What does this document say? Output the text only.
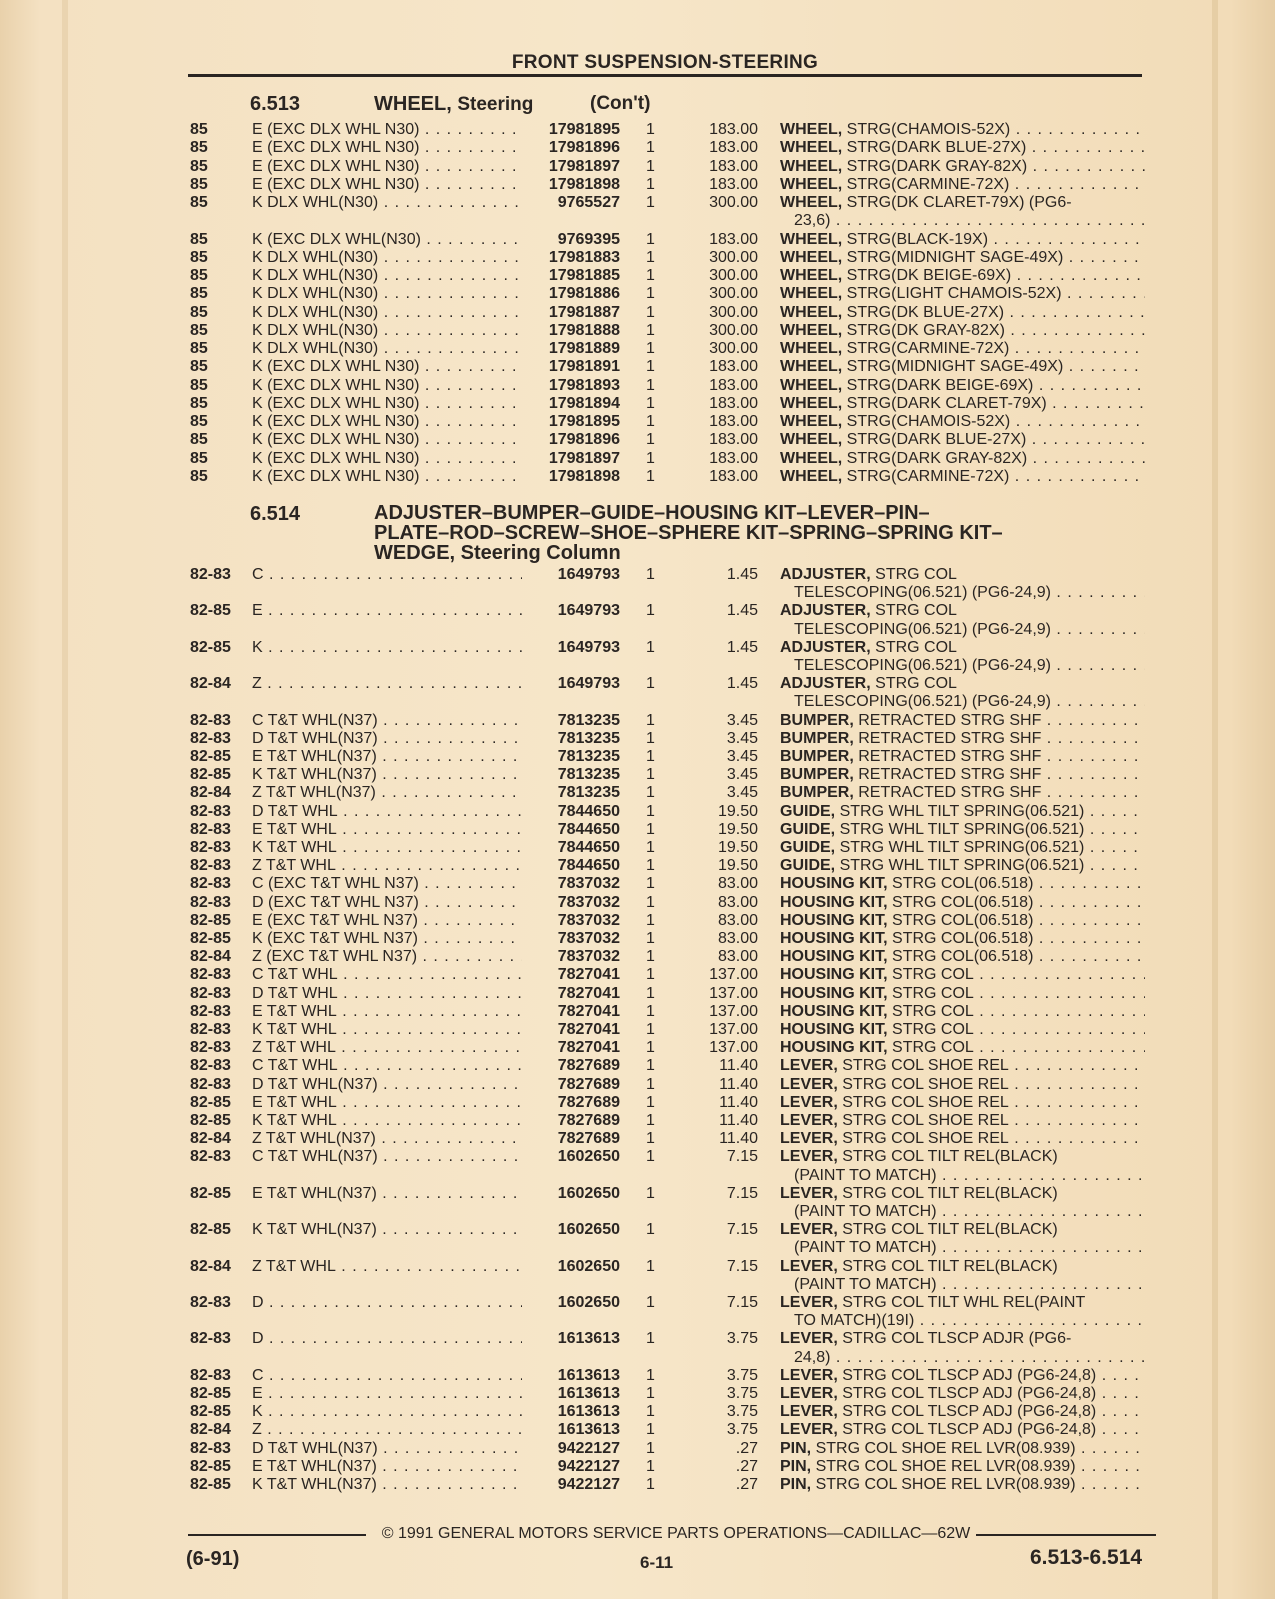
FRONT SUSPENSION-STEERING
6.513	WHEEL, Steering	(Con't)
85	E (EXC DLX WHL N30) . . .	17981895 1	183.00 WHEEL, STRG(CHAMOIS-52X) . . .
85	E (EXC DLX WHL N30) . . .	17981896 1	183.00 WHEEL, STRG(DARK BLUE-27X) . . .
85	E (EXC DLX WHL N30) . . .	17981897 1	183.00 WHEEL, STRG(DARK GRAY-82X) . . .
85	E (EXC DLX WHL N30) . . .	17981898 1	183.00 WHEEL, STRG(CARMINE-72X) . . .
85	K DLX WHL(N30) . . .	9765527 1	300.00 WHEEL, STRG(DK CLARET-79X) (PG6-
23,6) . . .
85	K (EXC DLX WHL(N30) . . .	9769395 1	183.00 WHEEL, STRG(BLACK-19X) . . .
85	K DLX WHL(N30) . . .	17981883 1	300.00 WHEEL, STRG(MIDNIGHT SAGE-49X) . . .
85	K DLX WHL(N30) . . .	17981885 1	300.00 WHEEL, STRG(DK BEIGE-69X) . . .
85	K DLX WHL(N30) . . .	17981886 1	300.00 WHEEL, STRG(LIGHT CHAMOIS-52X) . . .
85	K DLX WHL(N30) . . .	17981887 1	300.00 WHEEL, STRG(DK BLUE-27X) . . .
85	K DLX WHL(N30) . . .	17981888 1	300.00 WHEEL, STRG(DK GRAY-82X) . . .
85	K DLX WHL(N30) . . .	17981889 1	300.00 WHEEL, STRG(CARMINE-72X) . . .
85	K (EXC DLX WHL N30) . . .	17981891 1	183.00 WHEEL, STRG(MIDNIGHT SAGE-49X) . . .
85	K (EXC DLX WHL N30) . . .	17981893 1	183.00 WHEEL, STRG(DARK BEIGE-69X) . . .
85	K (EXC DLX WHL N30) . . .	17981894 1	183.00 WHEEL, STRG(DARK CLARET-79X) . . .
85	K (EXC DLX WHL N30) . . .	17981895 1	183.00 WHEEL, STRG(CHAMOIS-52X) . . .
85	K (EXC DLX WHL N30) . . .	17981896 1	183.00 WHEEL, STRG(DARK BLUE-27X) . . .
85	K (EXC DLX WHL N30) . . .	17981897 1	183.00 WHEEL, STRG(DARK GRAY-82X) . . .
85	K (EXC DLX WHL N30) . . .	17981898 1	183.00 WHEEL, STRG(CARMINE-72X) . . .
6.514	ADJUSTER–BUMPER–GUIDE–HOUSING KIT–LEVER–PIN–
PLATE–ROD–SCREW–SHOE–SPHERE KIT–SPRING–SPRING KIT–
WEDGE, Steering Column
82-83 C . . .	1649793 1	1.45 ADJUSTER, STRG COL
TELESCOPING(06.521) (PG6-24,9) . . .
82-85 E . . .	1649793 1	1.45 ADJUSTER, STRG COL
TELESCOPING(06.521) (PG6-24,9) . . .
82-85 K . . .	1649793 1	1.45 ADJUSTER, STRG COL
TELESCOPING(06.521) (PG6-24,9) . . .
82-84 Z . . .	1649793 1	1.45 ADJUSTER, STRG COL
TELESCOPING(06.521) (PG6-24,9) . . .
82-83 C T&T WHL(N37) . . .	7813235 1	3.45 BUMPER, RETRACTED STRG SHF . . .
82-83 D T&T WHL(N37) . . .	7813235 1	3.45 BUMPER, RETRACTED STRG SHF . . .
82-85 E T&T WHL(N37) . . .	7813235 1	3.45 BUMPER, RETRACTED STRG SHF . . .
82-85 K T&T WHL(N37) . . .	7813235 1	3.45 BUMPER, RETRACTED STRG SHF . . .
82-84 Z T&T WHL(N37) . . .	7813235 1	3.45 BUMPER, RETRACTED STRG SHF . . .
82-83 D T&T WHL . . .	7844650 1	19.50 GUIDE, STRG WHL TILT SPRING(06.521) . . .
82-83 E T&T WHL . . .	7844650 1	19.50 GUIDE, STRG WHL TILT SPRING(06.521) . . .
82-83 K T&T WHL . . .	7844650 1	19.50 GUIDE, STRG WHL TILT SPRING(06.521) . . .
82-83 Z T&T WHL . . .	7844650 1	19.50 GUIDE, STRG WHL TILT SPRING(06.521) . . .
82-83 C (EXC T&T WHL N37) . . .	7837032 1	83.00 HOUSING KIT, STRG COL(06.518) . . .
82-83 D (EXC T&T WHL N37) . . .	7837032 1	83.00 HOUSING KIT, STRG COL(06.518) . . .
82-85 E (EXC T&T WHL N37) . . .	7837032 1	83.00 HOUSING KIT, STRG COL(06.518) . . .
82-85 K (EXC T&T WHL N37) . . .	7837032 1	83.00 HOUSING KIT, STRG COL(06.518) . . .
82-84 Z (EXC T&T WHL N37) . . .	7837032 1	83.00 HOUSING KIT, STRG COL(06.518) . . .
82-83 C T&T WHL . . .	7827041 1	137.00 HOUSING KIT, STRG COL . . .
82-83 D T&T WHL . . .	7827041 1	137.00 HOUSING KIT, STRG COL . . .
82-83 E T&T WHL . . .	7827041 1	137.00 HOUSING KIT, STRG COL . . .
82-83 K T&T WHL . . .	7827041 1	137.00 HOUSING KIT, STRG COL . . .
82-83 Z T&T WHL . . .	7827041 1	137.00 HOUSING KIT, STRG COL . . .
82-83 C T&T WHL . . .	7827689 1	11.40 LEVER, STRG COL SHOE REL . . .
82-83 D T&T WHL(N37) . . .	7827689 1	11.40 LEVER, STRG COL SHOE REL . . .
82-85 E T&T WHL . . .	7827689 1	11.40 LEVER, STRG COL SHOE REL . . .
82-85 K T&T WHL . . .	7827689 1	11.40 LEVER, STRG COL SHOE REL . . .
82-84 Z T&T WHL(N37) . . .	7827689 1	11.40 LEVER, STRG COL SHOE REL . . .
82-83 C T&T WHL(N37) . . .	1602650 1	7.15 LEVER, STRG COL TILT REL(BLACK)
(PAINT TO MATCH) . . .
82-85 E T&T WHL(N37) . . .	1602650 1	7.15 LEVER, STRG COL TILT REL(BLACK)
(PAINT TO MATCH) . . .
82-85 K T&T WHL(N37) . . .	1602650 1	7.15 LEVER, STRG COL TILT REL(BLACK)
(PAINT TO MATCH) . . .
82-84 Z T&T WHL . . .	1602650 1	7.15 LEVER, STRG COL TILT REL(BLACK)
(PAINT TO MATCH) . . .
82-83 D . . .	1602650 1	7.15 LEVER, STRG COL TILT WHL REL(PAINT
TO MATCH)(19I) . . .
82-83 D . . .	1613613 1	3.75 LEVER, STRG COL TLSCP ADJR (PG6-
24,8) . . .
82-83 C . . .	1613613 1	3.75 LEVER, STRG COL TLSCP ADJ (PG6-24,8) . . .
82-85 E . . .	1613613 1	3.75 LEVER, STRG COL TLSCP ADJ (PG6-24,8) . . .
82-85 K . . .	1613613 1	3.75 LEVER, STRG COL TLSCP ADJ (PG6-24,8) . . .
82-84 Z . . .	1613613 1	3.75 LEVER, STRG COL TLSCP ADJ (PG6-24,8) . . .
82-83 D T&T WHL(N37) . . .	9422127 1	.27 PIN, STRG COL SHOE REL LVR(08.939) . . .
82-85 E T&T WHL(N37) . . .	9422127 1	.27 PIN, STRG COL SHOE REL LVR(08.939) . . .
82-85 K T&T WHL(N37) . . .	9422127 1	.27 PIN, STRG COL SHOE REL LVR(08.939) . . .
© 1991 GENERAL MOTORS SERVICE PARTS OPERATIONS—CADILLAC—62W
(6-91)	6-11	6.513-6.514
